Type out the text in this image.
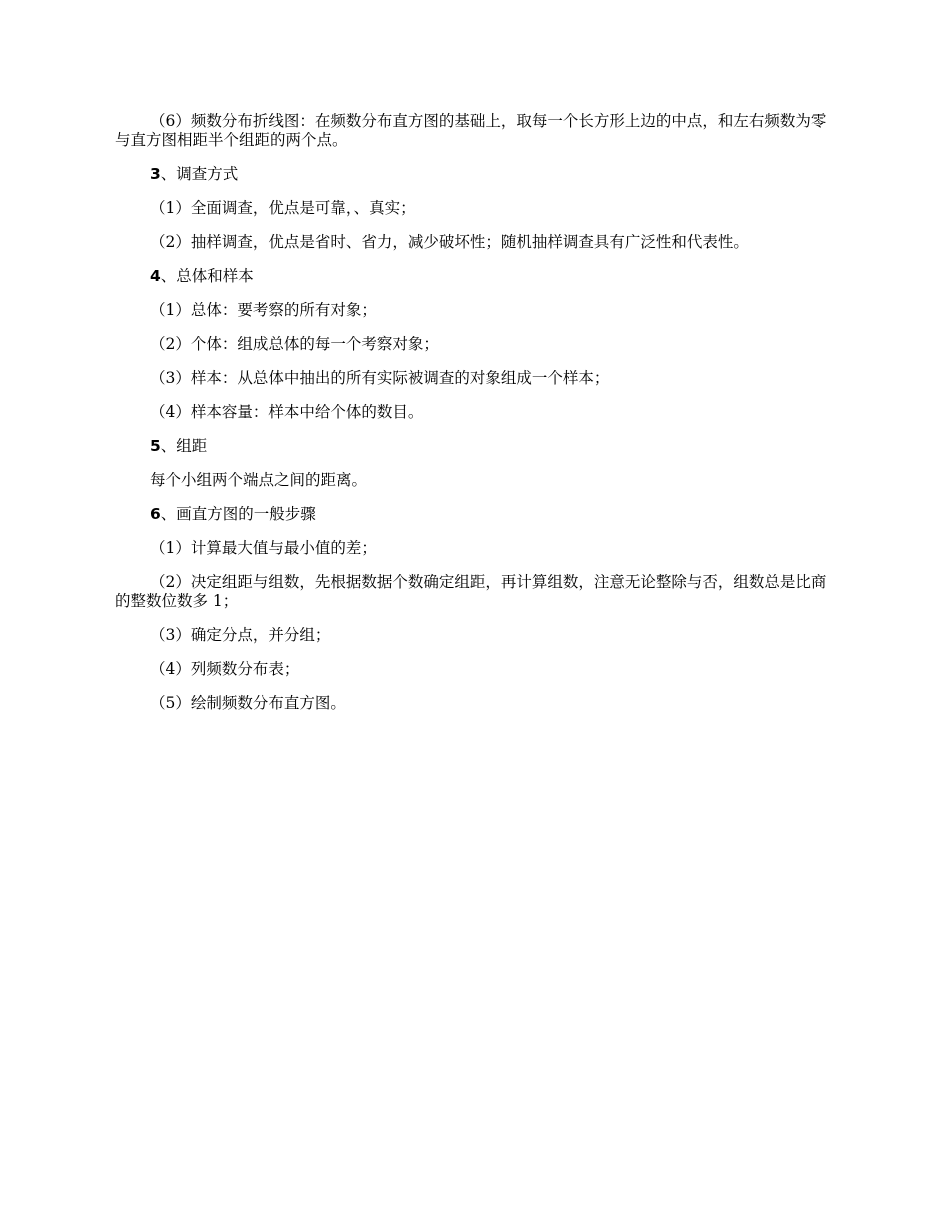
（6）频数分布折线图：在频数分布直方图的基础上，取每一个长方形上边的中点，和左右频数为零与直方图相距半个组距的两个点。

3、调查方式

（1）全面调查，优点是可靠，、真实；

（2）抽样调查，优点是省时、省力，减少破坏性；随机抽样调查具有广泛性和代表性。

4、总体和样本

（1）总体：要考察的所有对象；

（2）个体：组成总体的每一个考察对象；

（3）样本：从总体中抽出的所有实际被调查的对象组成一个样本；

（4）样本容量：样本中给个体的数目。

5、组距

每个小组两个端点之间的距离。

6、画直方图的一般步骤

（1）计算最大值与最小值的差；

（2）决定组距与组数，先根据数据个数确定组距，再计算组数，注意无论整除与否，组数总是比商的整数位数多 1；

（3）确定分点，并分组；

（4）列频数分布表；

（5）绘制频数分布直方图。
